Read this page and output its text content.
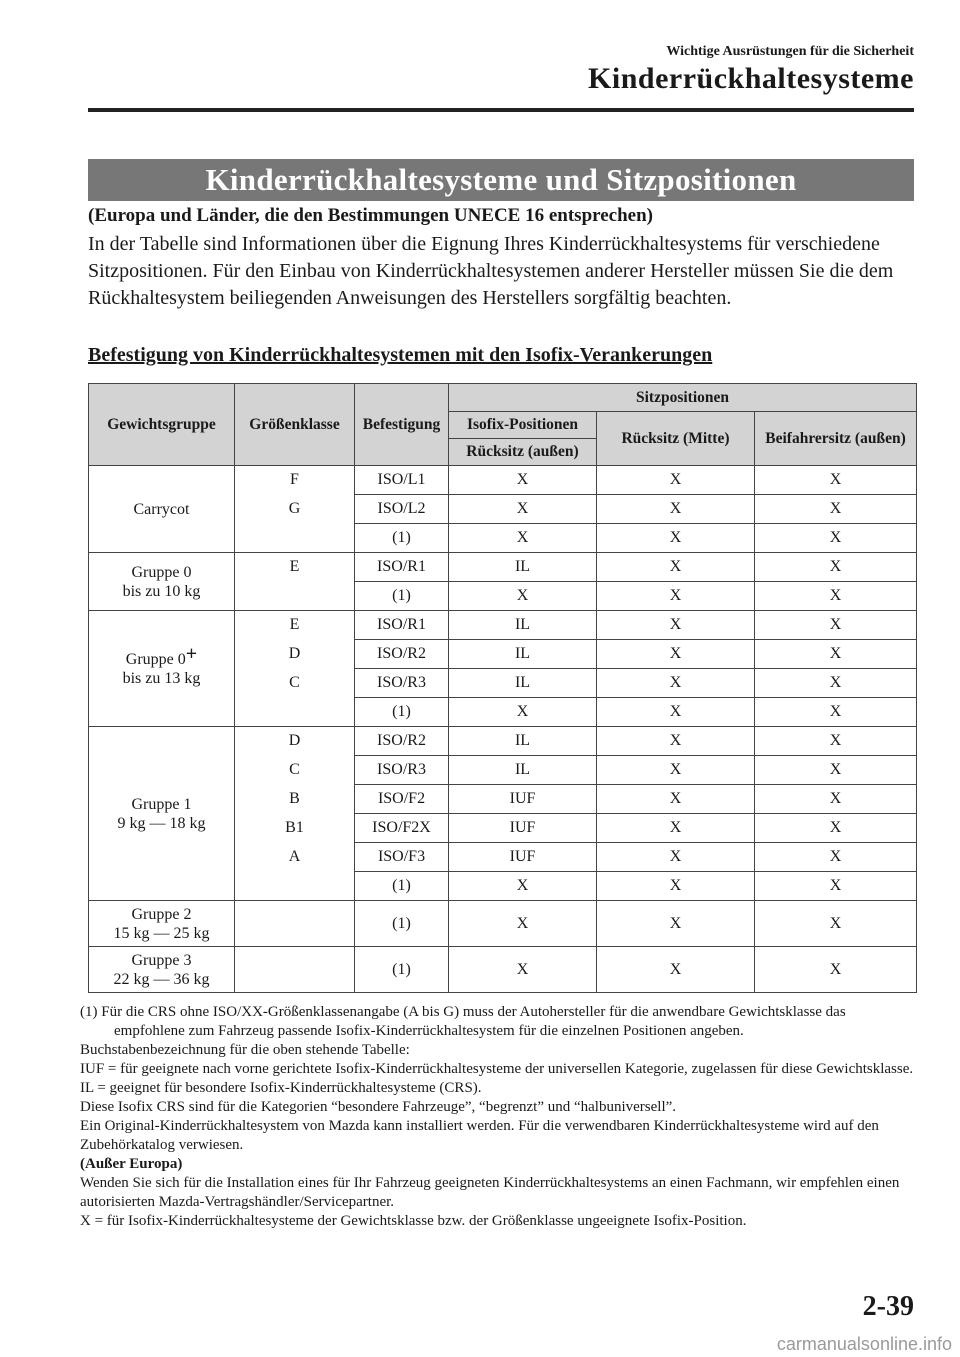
Wichtige Ausrüstungen für die Sicherheit
Kinderrückhaltesysteme
Kinderrückhaltesysteme und Sitzpositionen
(Europa und Länder, die den Bestimmungen UNECE 16 entsprechen)
In der Tabelle sind Informationen über die Eignung Ihres Kinderrückhaltesystems für verschiedene Sitzpositionen. Für den Einbau von Kinderrückhaltesystemen anderer Hersteller müssen Sie die dem Rückhaltesystem beiliegenden Anweisungen des Herstellers sorgfältig beachten.
Befestigung von Kinderrückhaltesystemen mit den Isofix-Verankerungen
Gewichtsgruppe	Größenklasse	Befestigung	Sitzpositionen		
			Isofix-Positionen	Rücksitz (Mitte)	Beifahrersitz (außen)
			Rücksitz (außen)		

Carrycot	F	ISO/L1	X	X	X
	G	ISO/L2	X	X	X
		(1)	X	X	X

Gruppe 0
bis zu 10 kg	E	ISO/R1	IL	X	X
		(1)	X	X	X

Gruppe 0+
bis zu 13 kg	E	ISO/R1	IL	X	X
	D	ISO/R2	IL	X	X
	C	ISO/R3	IL	X	X
		(1)	X	X	X

Gruppe 1
9 kg — 18 kg	D	ISO/R2	IL	X	X
	C	ISO/R3	IL	X	X
	B	ISO/F2	IUF	X	X
	B1	ISO/F2X	IUF	X	X
	A	ISO/F3	IUF	X	X
		(1)	X	X	X

Gruppe 2
15 kg — 25 kg		(1)	X	X	X

Gruppe 3
22 kg — 36 kg		(1)	X	X	X
(1) Für die CRS ohne ISO/XX-Größenklassenangabe (A bis G) muss der Autohersteller für die anwendbare Gewichtsklasse das empfohlene zum Fahrzeug passende Isofix-Kinderrückhaltesystem für die einzelnen Positionen angeben.
Buchstabenbezeichnung für die oben stehende Tabelle:
IUF = für geeignete nach vorne gerichtete Isofix-Kinderrückhaltesysteme der universellen Kategorie, zugelassen für diese Gewichtsklasse.
IL = geeignet für besondere Isofix-Kinderrückhaltesysteme (CRS).
Diese Isofix CRS sind für die Kategorien “besondere Fahrzeuge”, “begrenzt” und “halbuniversell”.
Ein Original-Kinderrückhaltesystem von Mazda kann installiert werden. Für die verwendbaren Kinderrückhaltesysteme wird auf den Zubehörkatalog verwiesen.
(Außer Europa)
Wenden Sie sich für die Installation eines für Ihr Fahrzeug geeigneten Kinderrückhaltesystems an einen Fachmann, wir empfehlen einen autorisierten Mazda-Vertragshändler/Servicepartner.
X = für Isofix-Kinderrückhaltesysteme der Gewichtsklasse bzw. der Größenklasse ungeeignete Isofix-Position.
2-39
carmanualsonline.info
